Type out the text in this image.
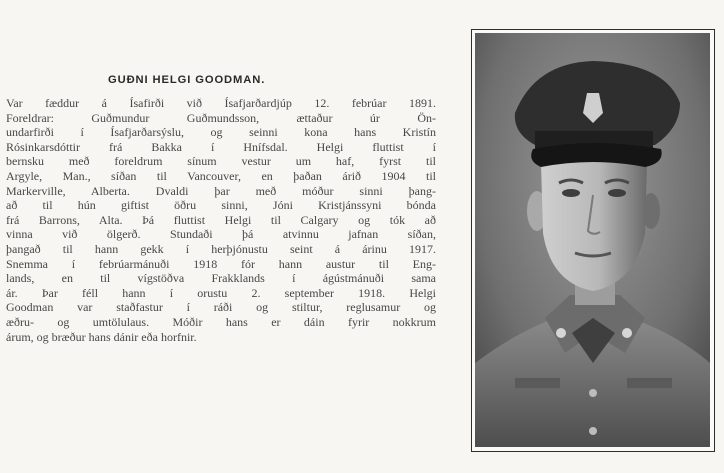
GUÐNI HELGI GOODMAN.
Var fæddur á Ísafirði við Ísafjarðardjúp 12. febrúar 1891.
Foreldrar: Guðmundur Guðmundsson, ættaður úr Ön-
undarfirði í Ísafjarðarsýslu, og seinni kona hans Kristín
Rósinkarsdóttir frá Bakka í Hnífsdal. Helgi fluttist í
bernsku með foreldrum sínum vestur um haf, fyrst til
Argyle, Man., síðan til Vancouver, en þaðan árið 1904 til
Markerville, Alberta. Dvaldi þar með móður sinni þang-
að til hún giftist öðru sinni, Jóni Kristjánssyni bónda
frá Barrons, Alta. Þá fluttist Helgi til Calgary og tók að
vinna við ölgerð. Stundaði þá atvinnu jafnan síðan,
þangað til hann gekk í herþjónustu seint á árinu 1917.
Snemma í febrúarmánuði 1918 fór hann austur til Eng-
lands, en til vígstöðva Frakklands í ágústmánuði sama
ár. Þar féll hann í orustu 2. september 1918. Helgi
Goodman var staðfastur í ráði og stiltur, reglusamur og
æðru- og umtölulaus. Móðir hans er dáin fyrir nokkrum
árum, og bræður hans dánir eða horfnir.
